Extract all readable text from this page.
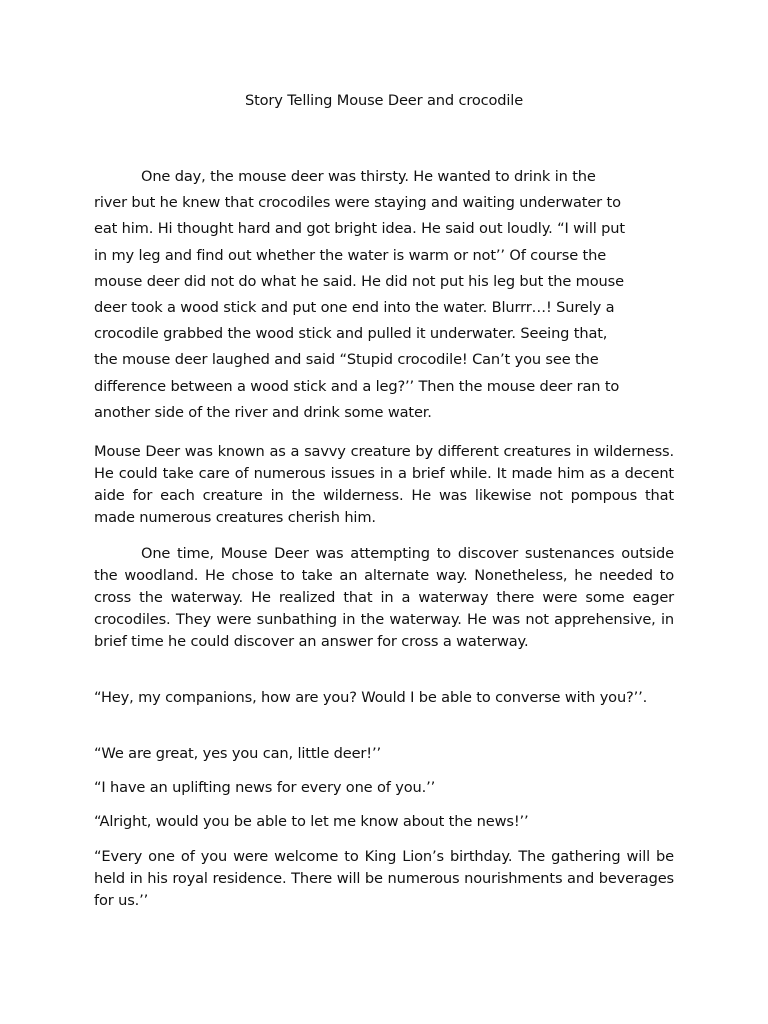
Story Telling Mouse Deer and crocodile
One day, the mouse deer was thirsty. He wanted to drink in the
river but he knew that crocodiles were staying and waiting underwater to
eat him. Hi thought hard and got bright idea. He said out loudly. “I will put
in my leg and find out whether the water is warm or not’’ Of course the
mouse deer did not do what he said. He did not put his leg but the mouse
deer took a wood stick and put one end into the water. Blurrr…! Surely a
crocodile grabbed the wood stick and pulled it underwater. Seeing that,
the mouse deer laughed and said “Stupid crocodile! Can’t you see the
difference between a wood stick and a leg?’’ Then the mouse deer ran to
another side of the river and drink some water.

Mouse Deer was known as a savvy creature by different creatures in wilderness. He could take care of numerous issues in a brief while. It made him as a decent aide for each creature in the wilderness. He was likewise not pompous that made numerous creatures cherish him.

One time, Mouse Deer was attempting to discover sustenances outside the woodland. He chose to take an alternate way. Nonetheless, he needed to cross the waterway. He realized that in a waterway there were some eager crocodiles. They were sunbathing in the waterway. He was not apprehensive, in brief time he could discover an answer for cross a waterway.

“Hey, my companions, how are you? Would I be able to converse with you?’’.

“We are great, yes you can, little deer!’’

“I have an uplifting news for every one of you.’’

“Alright, would you be able to let me know about the news!’’

“Every one of you were welcome to King Lion’s birthday. The gathering will be held in his royal residence. There will be numerous nourishments and beverages for us.’’
